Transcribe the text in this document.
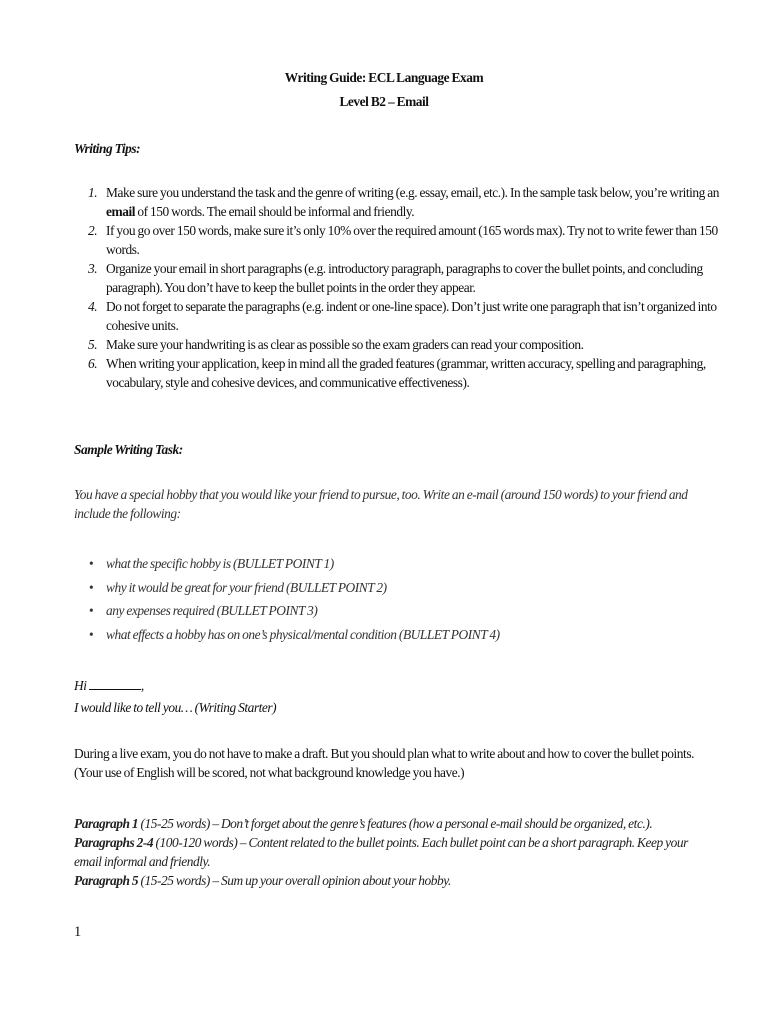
Writing Guide: ECL Language Exam
Level B2 – Email
Writing Tips:
1. Make sure you understand the task and the genre of writing (e.g. essay, email, etc.). In the sample task below, you’re writing an email of 150 words. The email should be informal and friendly.
2. If you go over 150 words, make sure it’s only 10% over the required amount (165 words max). Try not to write fewer than 150 words.
3. Organize your email in short paragraphs (e.g. introductory paragraph, paragraphs to cover the bullet points, and concluding paragraph). You don’t have to keep the bullet points in the order they appear.
4. Do not forget to separate the paragraphs (e.g. indent or one-line space). Don’t just write one paragraph that isn’t organized into cohesive units.
5. Make sure your handwriting is as clear as possible so the exam graders can read your composition.
6. When writing your application, keep in mind all the graded features (grammar, written accuracy, spelling and paragraphing, vocabulary, style and cohesive devices, and communicative effectiveness).
Sample Writing Task:
You have a special hobby that you would like your friend to pursue, too. Write an e-mail (around 150 words) to your friend and include the following:
• what the specific hobby is (BULLET POINT 1)
• why it would be great for your friend (BULLET POINT 2)
• any expenses required (BULLET POINT 3)
• what effects a hobby has on one’s physical/mental condition (BULLET POINT 4)
Hi	,
I would like to tell you… (Writing Starter)
During a live exam, you do not have to make a draft. But you should plan what to write about and how to cover the bullet points. (Your use of English will be scored, not what background knowledge you have.)

Paragraph 1 (15-25 words) – Don’t forget about the genre’s features (how a personal e-mail should be organized, etc.).

Paragraphs 2-4 (100-120 words) – Content related to the bullet points. Each bullet point can be a short paragraph. Keep your email informal and friendly.

Paragraph 5 (15-25 words) – Sum up your overall opinion about your hobby.

1
